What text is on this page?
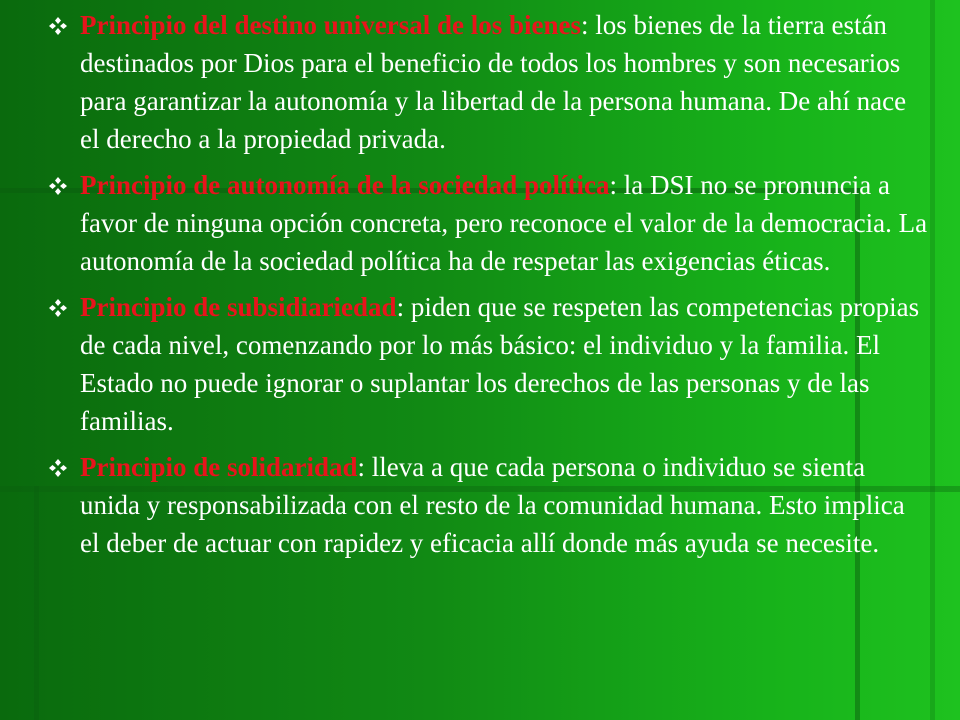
Principio del destino universal de los bienes: los bienes de la tierra están destinados por Dios para el beneficio de todos los hombres y son necesarios para garantizar la autonomía y la libertad de la persona humana. De ahí nace el derecho a la propiedad privada.
Principio de autonomía de la sociedad política: la DSI no se pronuncia a favor de ninguna opción concreta, pero reconoce el valor de la democracia. La autonomía de la sociedad política ha de respetar las exigencias éticas.
Principio de subsidiariedad: piden que se respeten las competencias propias de cada nivel, comenzando por lo más básico: el individuo y la familia. El Estado no puede ignorar o suplantar los derechos de las personas y de las familias.
Principio de solidaridad: lleva a que cada persona o individuo se sienta unida y responsabilizada con el resto de la comunidad humana. Esto implica el deber de actuar con rapidez y eficacia allí donde más ayuda se necesite.
